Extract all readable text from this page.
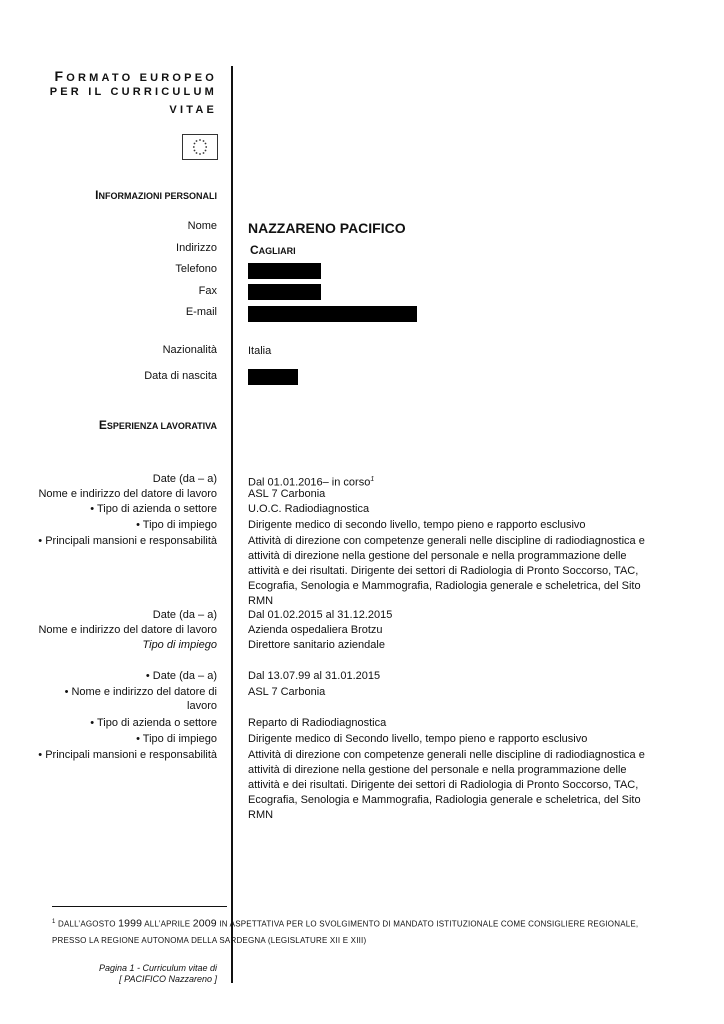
FORMATO EUROPEO
PER IL CURRICULUM
VITAE
INFORMAZIONI PERSONALI
Nome NAZZARENO PACIFICO
Indirizzo	CAGLIARI
Telefono
Fax
E-mail
Nazionalità	Italia
Data di nascita
ESPERIENZA LAVORATIVA
Date (da – a)
Nome e indirizzo del datore di lavoro
• Tipo di azienda o settore
• Tipo di impiego
• Principali mansioni e responsabilità
Dal 01.01.2016– in corso$^1$
ASL 7 Carbonia
U.O.C. Radiodiagnostica
Dirigente medico di secondo livello, tempo pieno e rapporto esclusivo
Attività di direzione con competenze generali nelle discipline di radiodiagnostica e attività di direzione nella gestione del personale e nella programmazione delle attività e dei risultati. Dirigente dei settori di Radiologia di Pronto Soccorso, TAC, Ecografia, Senologia e Mammografia, Radiologia generale e scheletrica, del Sito RMN
Date (da – a)
Nome e indirizzo del datore di lavoro
Tipo di impiego
Dal 01.02.2015 al 31.12.2015
Azienda ospedaliera Brotzu
Direttore sanitario aziendale
• Date (da – a)
• Nome e indirizzo del datore di
lavoro
• Tipo di azienda o settore
• Tipo di impiego
• Principali mansioni e responsabilità
Dal 13.07.99 al 31.01.2015
ASL 7 Carbonia
Reparto di Radiodiagnostica
Dirigente medico di Secondo livello, tempo pieno e rapporto esclusivo
Attività di direzione con competenze generali nelle discipline di radiodiagnostica e attività di direzione nella gestione del personale e nella programmazione delle attività e dei risultati. Dirigente dei settori di Radiologia di Pronto Soccorso, TAC, Ecografia, Senologia e Mammografia, Radiologia generale e scheletrica, del Sito RMN
$^1$ DALL’AGOSTO 1999 ALL’APRILE 2009 IN ASPETTATIVA PER LO SVOLGIMENTO DI MANDATO ISTITUZIONALE COME CONSIGLIERE REGIONALE, PRESSO LA REGIONE AUTONOMA DELLA SARDEGNA (LEGISLATURE XII E XIII)
Pagina 1 - Curriculum vitae di
[ PACIFICO Nazzareno ]
